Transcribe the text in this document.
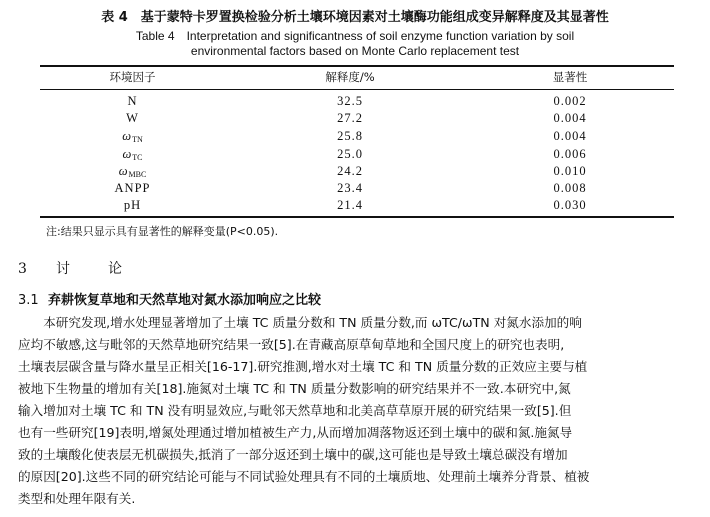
表 4　基于蒙特卡罗置换检验分析土壤环境因素对土壤酶功能组成变异解释度及其显著性
Table 4　Interpretation and significantness of soil enzyme function variation by soil
environmental factors based on Monte Carlo replacement test
环境因子	解释度/%	显著性
N	32.5	0.002
W	27.2	0.004
$\omega_{TN}$	25.8	0.004
$\omega_{TC}$	25.0	0.006
$\omega_{MBC}$	24.2	0.010
ANPP	23.4	0.008
pH	21.4	0.030
注:结果只显示具有显著性的解释变量(P<0.05).
3 讨	论
3.1 弃耕恢复草地和天然草地对氮水添加响应之比较
　　本研究发现,增水处理显著增加了土壤 TC 质量分数和 TN 质量分数,而 ωTC/ωTN 对氮水添加的响
应均不敏感,这与毗邻的天然草地研究结果一致[5].在青藏高原草甸草地和全国尺度上的研究也表明,
土壤表层碳含量与降水量呈正相关[16-17].研究推测,增水对土壤 TC 和 TN 质量分数的正效应主要与植
被地下生物量的增加有关[18].施氮对土壤 TC 和 TN 质量分数影响的研究结果并不一致.本研究中,氮
输入增加对土壤 TC 和 TN 没有明显效应,与毗邻天然草地和北美高草草原开展的研究结果一致[5].但
也有一些研究[19]表明,增氮处理通过增加植被生产力,从而增加凋落物返还到土壤中的碳和氮.施氮导
致的土壤酸化使表层无机碳损失,抵消了一部分返还到土壤中的碳,这可能也是导致土壤总碳没有增加
的原因[20].这些不同的研究结论可能与不同试验处理具有不同的土壤质地、处理前土壤养分背景、植被
类型和处理年限有关.
